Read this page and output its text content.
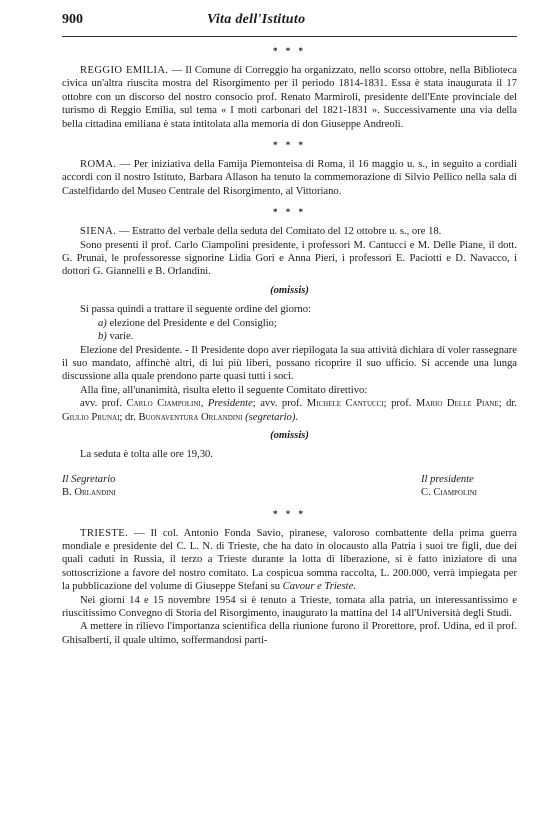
900	Vita dell'Istituto
* * *

REGGIO EMILIA. — Il Comune di Correggio ha organizzato, nello scorso ottobre, nella Biblioteca civica un'altra riuscita mostra del Risorgimento per il periodo 1814-1831. Essa è stata inaugurata il 17 ottobre con un discorso del nostro consocio prof. Renato Marmiroli, presidente dell'Ente provinciale del turismo di Reggio Emilia, sul tema « I moti carbonari del 1821-1831 ». Successivamente una via della bella cittadina emiliana è stata intitolata alla memoria di don Giuseppe Andreoli.

* * *

ROMA. — Per iniziativa della Famija Piemonteisa di Roma, il 16 maggio u. s., in seguito a cordiali accordi con il nostro Istituto, Barbara Allason ha tenuto la commemorazione di Silvio Pellico nella sala di Castelfidardo del Museo Centrale del Risorgimento, al Vittoriano.

* * *

SIENA. — Estratto del verbale della seduta del Comitato del 12 ottobre u. s., ore 18.

Sono presenti il prof. Carlo Ciampolini presidente, i professori M. Cantucci e M. Delle Piane, il dott. G. Prunai, le professoresse signorine Lidia Gori e Anna Pieri, i professori E. Paciotti e D. Navacco, i dottori G. Giannelli e B. Orlandini.

(omissis)

Si passa quindi a trattare il seguente ordine del giorno:

a) elezione del Presidente e del Consiglio;

b) varie.

Elezione del Presidente. - Il Presidente dopo aver riepilogata la sua attività dichiara di voler rassegnare il suo mandato, affinchè altri, di lui più liberi, possano ricoprire il suo ufficio. Si accende una lunga discussione alla quale prendono parte quasi tutti i soci.

Alla fine, all'unanimità, risulta eletto il seguente Comitato direttivo:

avv. prof. Carlo Ciampolini, Presidente; avv. prof. Michele Cantucci; prof. Mario Delle Piane; dr. Giulio Prunai; dr. Buonaventura Orlandini (segretario).

(omissis)

La seduta è tolta alle ore 19,30.

Il Segretario
B. Orlandini
Il presidente
C. Ciampolini
* * *

TRIESTE. — Il col. Antonio Fonda Savio, piranese, valoroso combattente della prima guerra mondiale e presidente del C. L. N. di Trieste, che ha dato in olocausto alla Patria i suoi tre figli, due dei quali caduti in Russia, il terzo a Trieste durante la lotta di liberazione, si è fatto iniziatore di una sottoscrizione a favore del nostro comitato. La cospicua somma raccolta, L. 200.000, verrà impiegata per la pubblicazione del volume di Giuseppe Stefani su Cavour e Trieste.

Nei giorni 14 e 15 novembre 1954 si è tenuto a Trieste, tornata alla patria, un interessantissimo e riuscitissimo Convegno di Storia del Risorgimento, inaugurato la mattina del 14 all'Università degli Studi.

A mettere in rilievo l'importanza scientifica della riunione furono il Prorettore, prof. Udina, ed il prof. Ghisalberti, il quale ultimo, soffermandosi parti-
